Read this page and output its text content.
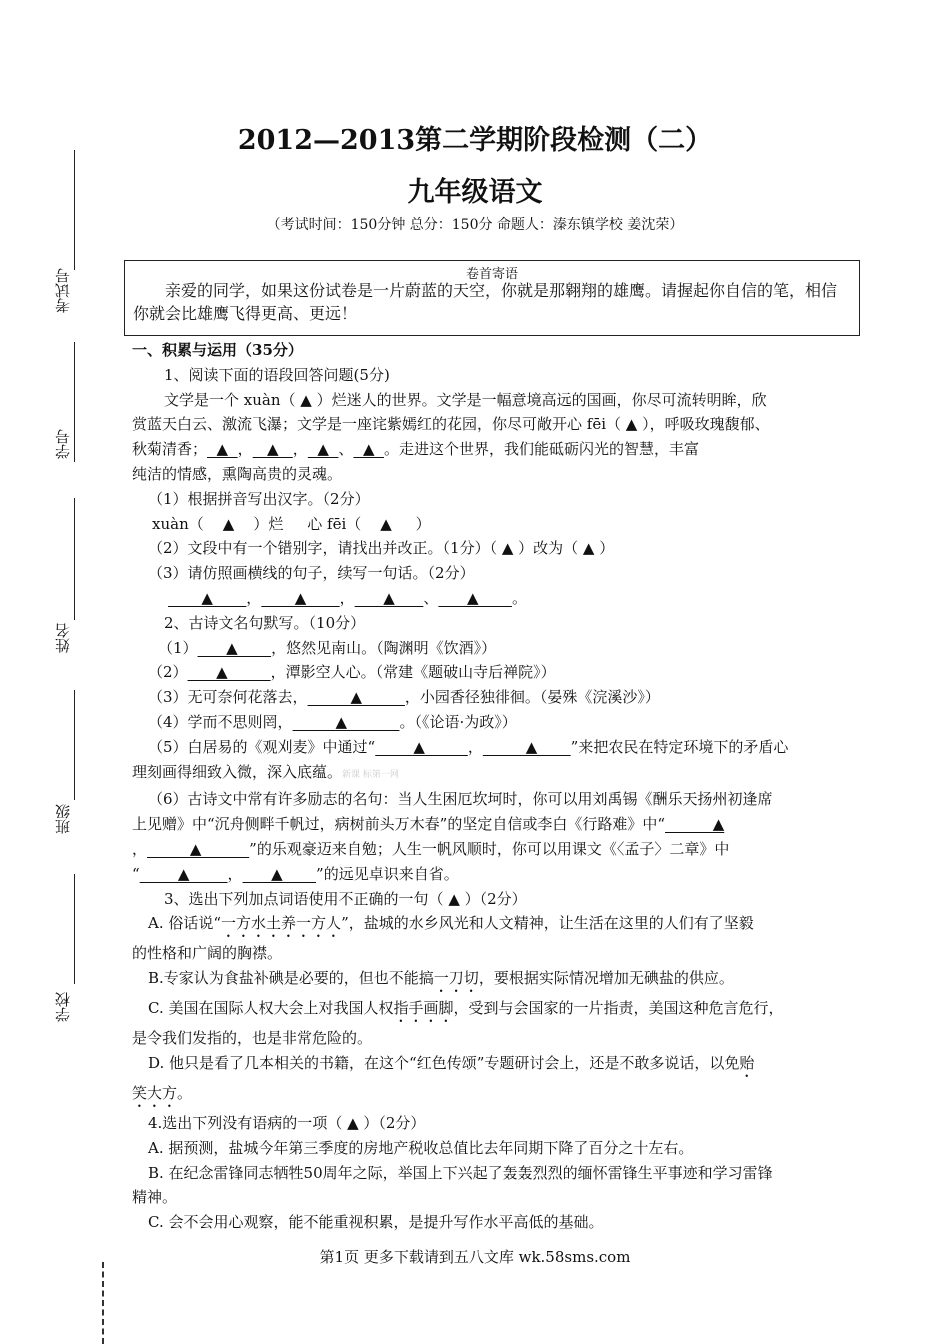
考试号
学号
姓名
班级
学校
2012—2013第二学期阶段检测（二）
九年级语文
（考试时间：150分钟 总分：150分 命题人：溱东镇学校 姜沈荣）
卷首寄语
亲爱的同学，如果这份试卷是一片蔚蓝的天空，你就是那翱翔的雄鹰。请握起你自信的笔，相信你就会比雄鹰飞得更高、更远！

一、积累与运用（35分）

1、阅读下面的语段回答问题(5分)

文学是一个 xuàn（ ▲ ）烂迷人的世界。文学是一幅意境高远的国画，你尽可流转明眸，欣

赏蓝天白云、激流飞瀑；文学是一座诧紫嫣红的花园，你尽可敞开心 fēi（ ▲ ），呼吸玫瑰馥郁、

秋菊清香；  ▲  ，   ▲   ，  ▲  、  ▲  。走进这个世界，我们能砥砺闪光的智慧，丰富

纯洁的情感，熏陶高贵的灵魂。

（1）根据拼音写出汉字。（2分）

xuàn（    ▲    ）烂     心 fēi（    ▲     ）

（2）文段中有一个错别字，请找出并改正。（1分）（ ▲ ）改为（ ▲ ）

（3）请仿照画横线的句子，续写一句话。（2分）

▲       ，       ▲       ，      ▲      、      ▲       。

2、古诗文名句默写。（10分）

（1）      ▲       ，悠然见南山。（陶渊明《饮酒》）

（2）      ▲         ，潭影空人心。（常建《题破山寺后禅院》）

（3）无可奈何花落去，         ▲         ，小园香径独徘徊。（晏殊《浣溪沙》）

（4）学而不思则罔，         ▲           。（《论语·为政》）

（5）白居易的《观刈麦》中通过“        ▲         ，         ▲       ”来把农民在特定环境下的矛盾心

理刻画得细致入微，深入底蕴。新课 标第一网

（6）古诗文中常有许多励志的名句：当人生困厄坎坷时，你可以用刘禹锡《酬乐天扬州初逢席

上见赠》中“沉舟侧畔千帆过，病树前头万木春”的坚定自信或李白《行路难》中“          ▲

，         ▲          ”的乐观豪迈来自勉；人生一帆风顺时，你可以用课文《〈孟子〉二章》中

“        ▲        ，      ▲       ”的远见卓识来自省。

3、选出下列加点词语使用不正确的一句（ ▲ ）（2分）

A. 俗话说“一方水土养一方人”，盐城的水乡风光和人文精神，让生活在这里的人们有了坚毅

的性格和广阔的胸襟。

B.专家认为食盐补碘是必要的，但也不能搞一刀切，要根据实际情况增加无碘盐的供应。

C. 美国在国际人权大会上对我国人权指手画脚，受到与会国家的一片指责，美国这种危言危行，

是令我们发指的，也是非常危险的。

D. 他只是看了几本相关的书籍，在这个“红色传颂”专题研讨会上，还是不敢多说话，以免贻

笑大方。

4.选出下列没有语病的一项（ ▲ ）（2分）

A. 据预测，盐城今年第三季度的房地产税收总值比去年同期下降了百分之十左右。

B. 在纪念雷锋同志牺牲50周年之际，举国上下兴起了轰轰烈烈的缅怀雷锋生平事迹和学习雷锋

精神。

C. 会不会用心观察，能不能重视积累，是提升写作水平高低的基础。

第1页 更多下载请到五八文库 wk.58sms.com
